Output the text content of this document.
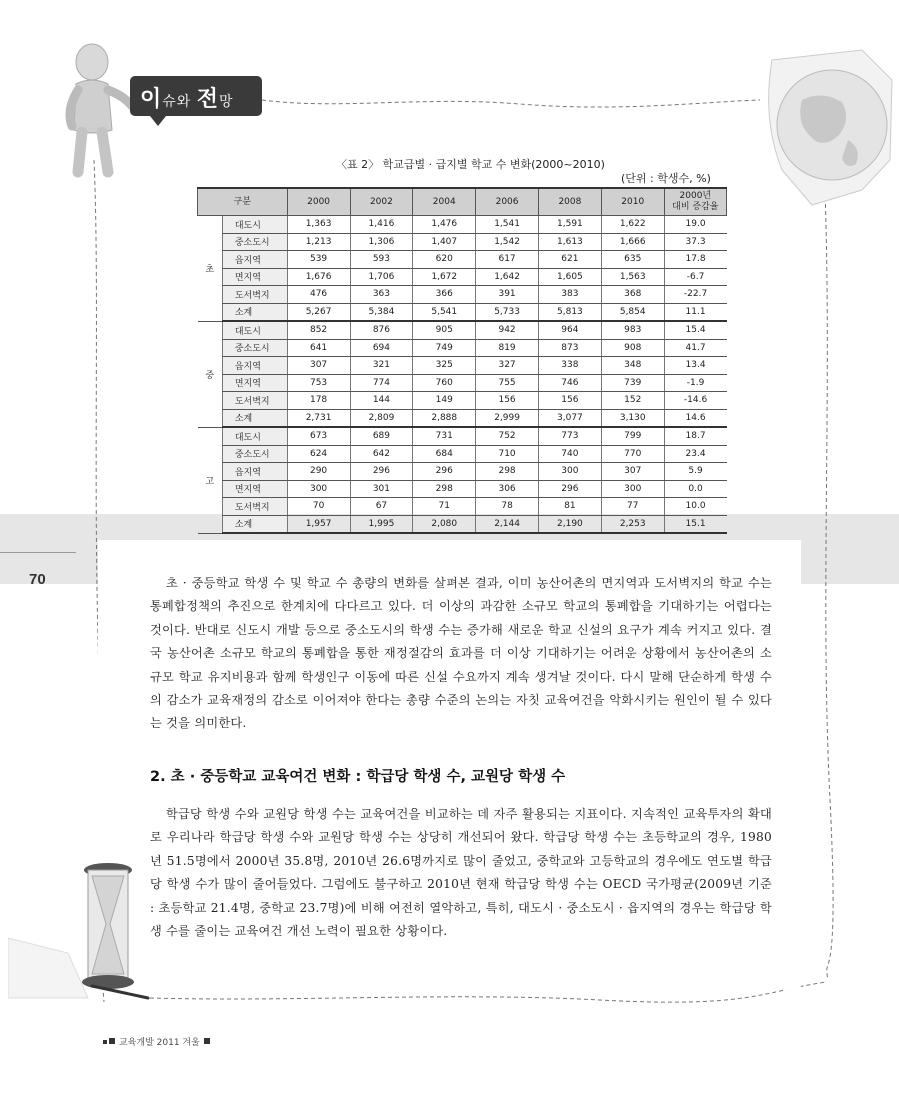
70
이슈와 전망
〈표 2〉 학교급별 · 급지별 학교 수 변화(2000~2010)
(단위 : 학생수, %)
구분		2000	2002	2004	2006	2008	2010	2000년
대비 증감율
초	대도시	1,363	1,416	1,476	1,541	1,591	1,622	19.0
	중소도시	1,213	1,306	1,407	1,542	1,613	1,666	37.3
	읍지역	539	593	620	617	621	635	17.8
	면지역	1,676	1,706	1,672	1,642	1,605	1,563	-6.7
	도서벽지	476	363	366	391	383	368	-22.7
	소계	5,267	5,384	5,541	5,733	5,813	5,854	11.1
중	대도시	852	876	905	942	964	983	15.4
	중소도시	641	694	749	819	873	908	41.7
	읍지역	307	321	325	327	338	348	13.4
	면지역	753	774	760	755	746	739	-1.9
	도서벽지	178	144	149	156	156	152	-14.6
	소계	2,731	2,809	2,888	2,999	3,077	3,130	14.6
고	대도시	673	689	731	752	773	799	18.7
	중소도시	624	642	684	710	740	770	23.4
	읍지역	290	296	296	298	300	307	5.9
	면지역	300	301	298	306	296	300	0.0
	도서벽지	70	67	71	78	81	77	10.0
	소계	1,957	1,995	2,080	2,144	2,190	2,253	15.1
초 · 중등학교 학생 수 및 학교 수 총량의 변화를 살펴본 결과, 이미 농산어촌의 면지역과 도서벽지의 학교 수는 통폐합정책의 추진으로 한계치에 다다르고 있다. 더 이상의 과감한 소규모 학교의 통폐합을 기대하기는 어렵다는 것이다. 반대로 신도시 개발 등으로 중소도시의 학생 수는 증가해 새로운 학교 신설의 요구가 계속 커지고 있다. 결국 농산어촌 소규모 학교의 통폐합을 통한 재정절감의 효과를 더 이상 기대하기는 어려운 상황에서 농산어촌의 소규모 학교 유지비용과 함께 학생인구 이동에 따른 신설 수요까지 계속 생겨날 것이다. 다시 말해 단순하게 학생 수의 감소가 교육재정의 감소로 이어져야 한다는 총량 수준의 논의는 자칫 교육여건을 악화시키는 원인이 될 수 있다는 것을 의미한다.
2. 초 · 중등학교 교육여건 변화 : 학급당 학생 수, 교원당 학생 수
학급당 학생 수와 교원당 학생 수는 교육여건을 비교하는 데 자주 활용되는 지표이다. 지속적인 교육투자의 확대로 우리나라 학급당 학생 수와 교원당 학생 수는 상당히 개선되어 왔다. 학급당 학생 수는 초등학교의 경우, 1980년 51.5명에서 2000년 35.8명, 2010년 26.6명까지로 많이 줄었고, 중학교와 고등학교의 경우에도 연도별 학급당 학생 수가 많이 줄어들었다. 그럼에도 불구하고 2010년 현재 학급당 학생 수는 OECD 국가평균(2009년 기준 : 초등학교 21.4명, 중학교 23.7명)에 비해 여전히 열악하고, 특히, 대도시 · 중소도시 · 읍지역의 경우는 학급당 학생 수를 줄이는 교육여건 개선 노력이 필요한 상황이다.
교육개발 2011 겨울
